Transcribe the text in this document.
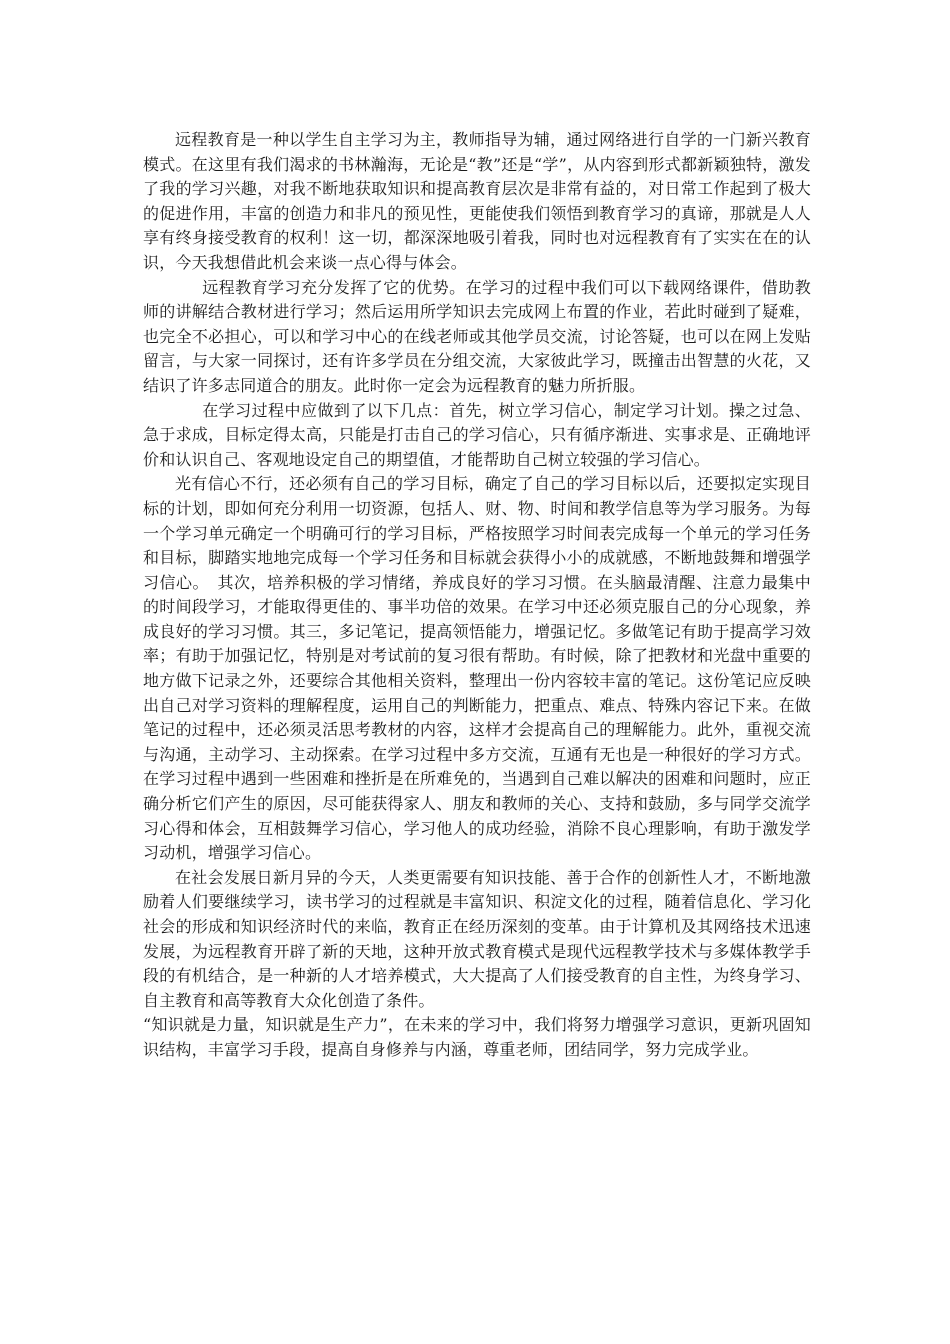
远程教育是一种以学生自主学习为主，教师指导为辅，通过网络进行自学的一门新兴教育模式。在这里有我们渴求的书林瀚海，无论是“教”还是“学”，从内容到形式都新颖独特，激发了我的学习兴趣，对我不断地获取知识和提高教育层次是非常有益的，对日常工作起到了极大的促进作用，丰富的创造力和非凡的预见性，更能使我们领悟到教育学习的真谛，那就是人人享有终身接受教育的权利！这一切，都深深地吸引着我，同时也对远程教育有了实实在在的认识，今天我想借此机会来谈一点心得与体会。

远程教育学习充分发挥了它的优势。在学习的过程中我们可以下载网络课件，借助教师的讲解结合教材进行学习；然后运用所学知识去完成网上布置的作业，若此时碰到了疑难，也完全不必担心，可以和学习中心的在线老师或其他学员交流，讨论答疑，也可以在网上发贴留言，与大家一同探讨，还有许多学员在分组交流，大家彼此学习，既撞击出智慧的火花，又结识了许多志同道合的朋友。此时你一定会为远程教育的魅力所折服。

在学习过程中应做到了以下几点：首先，树立学习信心，制定学习计划。操之过急、急于求成，目标定得太高，只能是打击自己的学习信心，只有循序渐进、实事求是、正确地评价和认识自己、客观地设定自己的期望值，才能帮助自己树立较强的学习信心。

光有信心不行，还必须有自己的学习目标，确定了自己的学习目标以后，还要拟定实现目标的计划，即如何充分利用一切资源，包括人、财、物、时间和教学信息等为学习服务。为每一个学习单元确定一个明确可行的学习目标，严格按照学习时间表完成每一个单元的学习任务和目标，脚踏实地地完成每一个学习任务和目标就会获得小小的成就感，不断地鼓舞和增强学习信心。　其次，培养积极的学习情绪，养成良好的学习习惯。在头脑最清醒、注意力最集中的时间段学习，才能取得更佳的、事半功倍的效果。在学习中还必须克服自己的分心现象，养成良好的学习习惯。其三，多记笔记，提高领悟能力，增强记忆。多做笔记有助于提高学习效率；有助于加强记忆，特别是对考试前的复习很有帮助。有时候，除了把教材和光盘中重要的地方做下记录之外，还要综合其他相关资料，整理出一份内容较丰富的笔记。这份笔记应反映出自己对学习资料的理解程度，运用自己的判断能力，把重点、难点、特殊内容记下来。在做笔记的过程中，还必须灵活思考教材的内容，这样才会提高自己的理解能力。此外，重视交流与沟通，主动学习、主动探索。在学习过程中多方交流，互通有无也是一种很好的学习方式。在学习过程中遇到一些困难和挫折是在所难免的，当遇到自己难以解决的困难和问题时，应正确分析它们产生的原因，尽可能获得家人、朋友和教师的关心、支持和鼓励，多与同学交流学习心得和体会，互相鼓舞学习信心，学习他人的成功经验，消除不良心理影响，有助于激发学习动机，增强学习信心。

在社会发展日新月异的今天，人类更需要有知识技能、善于合作的创新性人才，不断地激励着人们要继续学习，读书学习的过程就是丰富知识、积淀文化的过程，随着信息化、学习化社会的形成和知识经济时代的来临，教育正在经历深刻的变革。由于计算机及其网络技术迅速发展，为远程教育开辟了新的天地，这种开放式教育模式是现代远程教学技术与多媒体教学手段的有机结合，是一种新的人才培养模式，大大提高了人们接受教育的自主性，为终身学习、自主教育和高等教育大众化创造了条件。

“知识就是力量，知识就是生产力”，在未来的学习中，我们将努力增强学习意识，更新巩固知识结构，丰富学习手段，提高自身修养与内涵，尊重老师，团结同学，努力完成学业。
